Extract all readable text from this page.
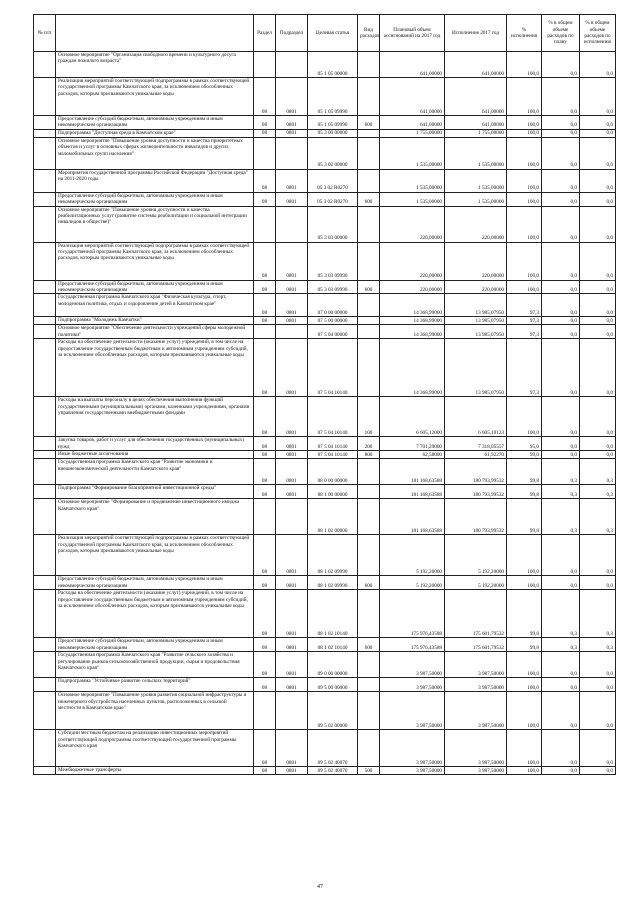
№ п/п		Раздел	Подраздел	Целевая статья	Вид расходов	Плановый объем ассигнований на 2017 год	Исполнение 2017 год	% исполнения	% в общем объеме расходов по плану	% в общем объеме расходов по исполнению
	Основное мероприятие "Организация свободного времени и культурного досуга граждан пожилого возраста"			05 1 05 00000		641,00000	641,00000	100,0	0,0	0,0
	Реализация мероприятий соответствующей подпрограммы в рамках соответствующей государственной программы Камчатского края, за исключением обособленных расходов, которым присваиваются уникальные коды	08	0801	05 1 05 09990		641,00000	641,00000	100,0	0,0	0,0
	Предоставление субсидий бюджетным, автономным учреждениям и иным некоммерческим организациям	08	0801	05 1 05 09990	600	641,00000	641,00000	100,0	0,0	0,0
	Подпрограмма "Доступная среда в Камчатском крае"	08	0801	05 3 00 00000		1 755,00000	1 755,00000	100,0	0,0	0,0
	Основное мероприятие "Повышение уровня доступности и качества приоритетных объектов и услуг в основных сферах жизнедеятельности инвалидов и других маломобильных групп населения"			05 3 02 00000		1 535,00000	1 535,00000	100,0	0,0	0,0
	Мероприятия государственной программы Российской Федерации "Доступная среда" на 2011-2020 годы	08	0801	05 3 02 R0270		1 535,00000	1 535,00000	100,0	0,0	0,0
	Предоставление субсидий бюджетным, автономным учреждениям и иным некоммерческим организациям	08	0801	05 3 02 R0270	600	1 535,00000	1 535,00000	100,0	0,0	0,0
	Основное мероприятие "Повышение уровня доступности и качества реабилитационных услуг (развитие системы реабилитации и социальной интеграции инвалидов в обществе)"			05 3 03 00000		220,00000	220,00000	100,0	0,0	0,0
	Реализация мероприятий соответствующей подпрограммы в рамках соответствующей государственной программы Камчатского края, за исключением обособленных расходов, которым присваиваются уникальные коды	08	0801	05 3 03 09990		220,00000	220,00000	100,0	0,0	0,0
	Предоставление субсидий бюджетным, автономным учреждениям и иным некоммерческим организациям	08	0801	05 3 03 09990	600	220,00000	220,00000	100,0	0,0	0,0
	Государственная программа Камчатского края "Физическая культура, спорт, молодежная политика, отдых и оздоровление детей в Камчатском крае"	08	0801	07 0 00 00000		14 368,99000	13 985,07950	97,3	0,0	0,0
	Подпрограмма "Молодежь Камчатки"	08	0801	07 5 00 00000		14 368,99000	13 985,07950	97,3	0,0	0,0
	Основное мероприятие "Обеспечение деятельности учреждений сферы молодежной политики"			07 5 04 00000		14 368,99000	13 985,07950	97,3	0,0	0,0
	Расходы на обеспечение деятельности (оказание услуг) учреждений, в том числе на предоставление государственным бюджетным и автономным учреждениям субсидий, за исключением обособленных расходов, которым присваиваются уникальные коды	08	0801	07 5 04 10140		14 368,99000	13 985,07950	97,3	0,0	0,0
	Расходы на выплаты персоналу в целях обеспечения выполнения функций государственными (муниципальными) органами, казенными учреждениями, органами управления государственными внебюджетными фондами	08	0801	07 5 04 10140	100	6 605,12000	6 605,10123	100,0	0,0	0,0
	Закупка товаров, работ и услуг для обеспечения государственных (муниципальных) нужд	08	0801	07 5 04 10140	200	7 701,29000	7 318,05557	95,0	0,0	0,0
	Иные бюджетные ассигнования	08	0801	07 5 04 10140	800	62,58000	61,92270	99,0	0,0	0,0
	Государственная программа Камчатского края "Развитие экономики и внешнеэкономической деятельности Камчатского края"	08	0801	08 0 00 00000		181 168,63588	180 793,99532	99,8	0,3	0,3
	Подпрограмма "Формирование благоприятной инвестиционной среды"	08	0801	08 1 00 00000		181 168,63588	180 793,99532	99,8	0,3	0,3
	Основное мероприятие "Формирование и продвижение инвестиционного имиджа Камчатского края"			08 1 02 00000		181 168,63588	180 793,99532	99,8	0,3	0,3
	Реализация мероприятий соответствующей подпрограммы в рамках соответствующей государственной программы Камчатского края, за исключением обособленных расходов, которым присваиваются уникальные коды	08	0801	08 1 02 09990		5 192,20000	5 192,20000	100,0	0,0	0,0
	Предоставление субсидий бюджетным, автономным учреждениям и иным некоммерческим организациям	08	0801	08 1 02 09990	600	5 192,20000	5 192,20000	100,0	0,0	0,0
	Расходы на обеспечение деятельности (оказание услуг) учреждений, в том числе на предоставление государственным бюджетным и автономным учреждениям субсидий, за исключением обособленных расходов, которым присваиваются уникальные коды	08	0801	08 1 02 10140		175 976,43588	175 601,79532	99,8	0,3	0,3
	Предоставление субсидий бюджетным, автономным учреждениям и иным некоммерческим организациям	08	0801	08 1 02 10140	600	175 976,43588	175 601,79532	99,8	0,3	0,3
	Государственная программа Камчатского края "Развитие сельского хозяйства и регулирование рынков сельскохозяйственной продукции, сырья и продовольствия Камчатского края"	08	0801	09 0 00 00000		3 987,50000	3 987,50000	100,0	0,0	0,0
	Подпрограмма "Устойчивое развитие сельских территорий"	08	0801	09 5 00 00000		3 987,50000	3 987,50000	100,0	0,0	0,0
	Основное мероприятие "Повышение уровня развития социальной инфраструктуры и инженерного обустройства населенных пунктов, расположенных в сельской местности в Камчатском крае"			09 5 02 00000		3 987,50000	3 987,50000	100,0	0,0	0,0
	Субсидии местным бюджетам на реализацию инвестиционных мероприятий соответствующей подпрограммы соответствующей государственной программы Камчатского края	08	0801	09 5 02 40070		3 987,50000	3 987,50000	100,0	0,0	0,0
	Межбюджетные трансферты	08	0801	09 5 02 40070	500	3 987,50000	3 987,50000	100,0	0,0	0,0
47
